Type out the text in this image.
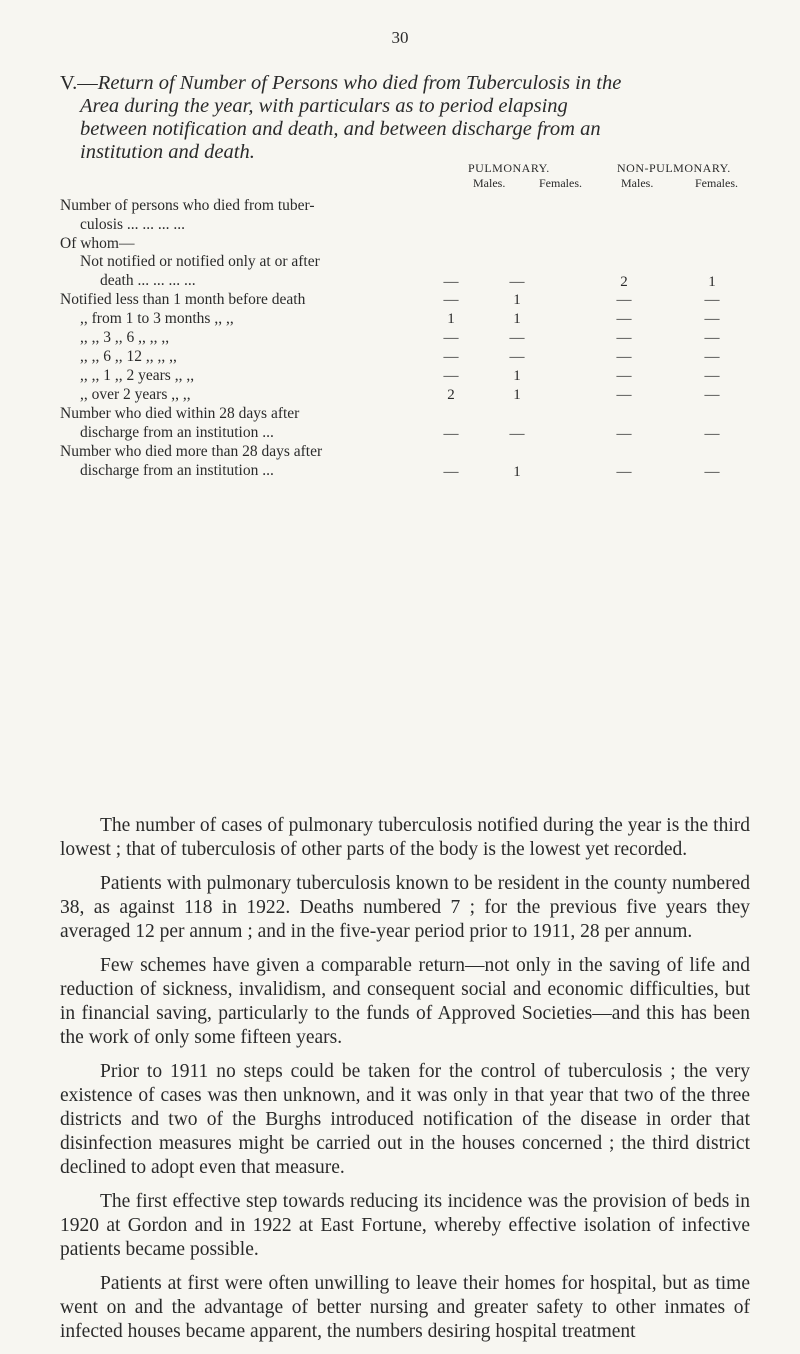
30
V.—Return of Number of Persons who died from Tuberculosis in the
Area during the year, with particulars as to period elapsing
between notification and death, and between discharge from an
institution and death.
PULMONARY.	NON-PULMONARY.
Males.	Females.	Males.	Females.
Number of persons who died from tuber-
culosis ... ... ... ...
Of whom—
Not notified or notified only at or after
death ... ... ... ...	—	—	2	1
Notified less than 1 month before death	—	1	—	—
,, from 1 to 3 months ,, ,,	1	1	—	—
,, ,, 3 ,, 6 ,, ,, ,,	—	—	—	—
,, ,, 6 ,, 12 ,, ,, ,,	—	—	—	—
,, ,, 1 ,, 2 years ,, ,,	—	1	—	—
,, over 2 years ,, ,,	2	1	—	—
Number who died within 28 days after
discharge from an institution ...	—	—	—	—
Number who died more than 28 days after
discharge from an institution ...	—	1	—	—

The number of cases of pulmonary tuberculosis notified during the year is the third lowest ; that of tuberculosis of other parts of the body is the lowest yet recorded.

Patients with pulmonary tuberculosis known to be resident in the county numbered 38, as against 118 in 1922. Deaths numbered 7 ; for the previous five years they averaged 12 per annum ; and in the five-year period prior to 1911, 28 per annum.

Few schemes have given a comparable return—not only in the saving of life and reduction of sickness, invalidism, and consequent social and economic difficulties, but in financial saving, particularly to the funds of Approved Societies—and this has been the work of only some fifteen years.

Prior to 1911 no steps could be taken for the control of tuberculosis ; the very existence of cases was then unknown, and it was only in that year that two of the three districts and two of the Burghs introduced notification of the disease in order that disinfection measures might be carried out in the houses concerned ; the third district declined to adopt even that measure.

The first effective step towards reducing its incidence was the provision of beds in 1920 at Gordon and in 1922 at East Fortune, whereby effective isolation of infective patients became possible.

Patients at first were often unwilling to leave their homes for hospital, but as time went on and the advantage of better nursing and greater safety to other inmates of infected houses became apparent, the numbers desiring hospital treatment
